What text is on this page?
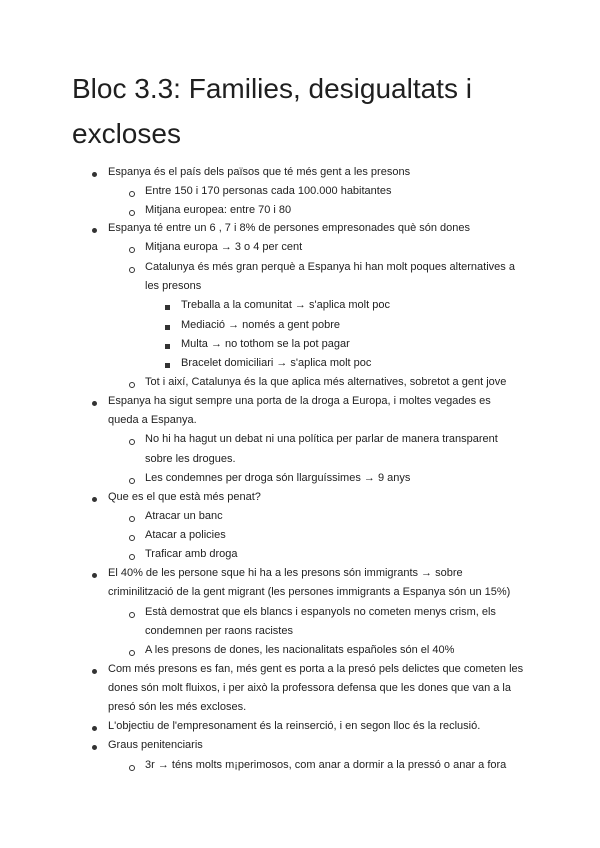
Bloc 3.3: Families, desigualtats i excloses
Espanya és el país dels països que té més gent a les presons
Entre 150 i 170 personas cada 100.000 habitantes
Mitjana europea: entre 70 i 80
Espanya té entre un 6 , 7 i 8% de persones empresonades què són dones
Mitjana europa → 3 o 4 per cent
Catalunya és més gran perquè a Espanya hi han molt poques alternatives a
les presons
Treballa a la comunitat → s'aplica molt poc
Mediació → només a gent pobre
Multa → no tothom se la pot pagar
Bracelet domiciliari → s'aplica molt poc
Tot i així, Catalunya és la que aplica més alternatives, sobretot a gent jove
Espanya ha sigut sempre una porta de la droga a Europa, i moltes vegades es
queda a Espanya.
No hi ha hagut un debat ni una política per parlar de manera transparent
sobre les drogues.
Les condemnes per droga són llarguíssimes → 9 anys
Que es el que està més penat?
Atracar un banc
Atacar a policies
Traficar amb droga
El 40% de les persone sque hi ha a les presons són immigrants → sobre
criminilització de la gent migrant (les persones immigrants a Espanya són un 15%)
Està demostrat que els blancs i espanyols no cometen menys crism, els
condemnen per raons racistes
A les presons de dones, les nacionalitats españoles són el 40%
Com més presons es fan, més gent es porta a la presó pels delictes que cometen les
dones són molt fluixos, i per això la professora defensa que les dones que van a la
presó són les més excloses.
L'objectiu de l'empresonament és la reinserció, i en segon lloc és la reclusió.
Graus penitenciaris
3r → téns molts m¡perimosos, com anar a dormir a la pressó o anar a fora
